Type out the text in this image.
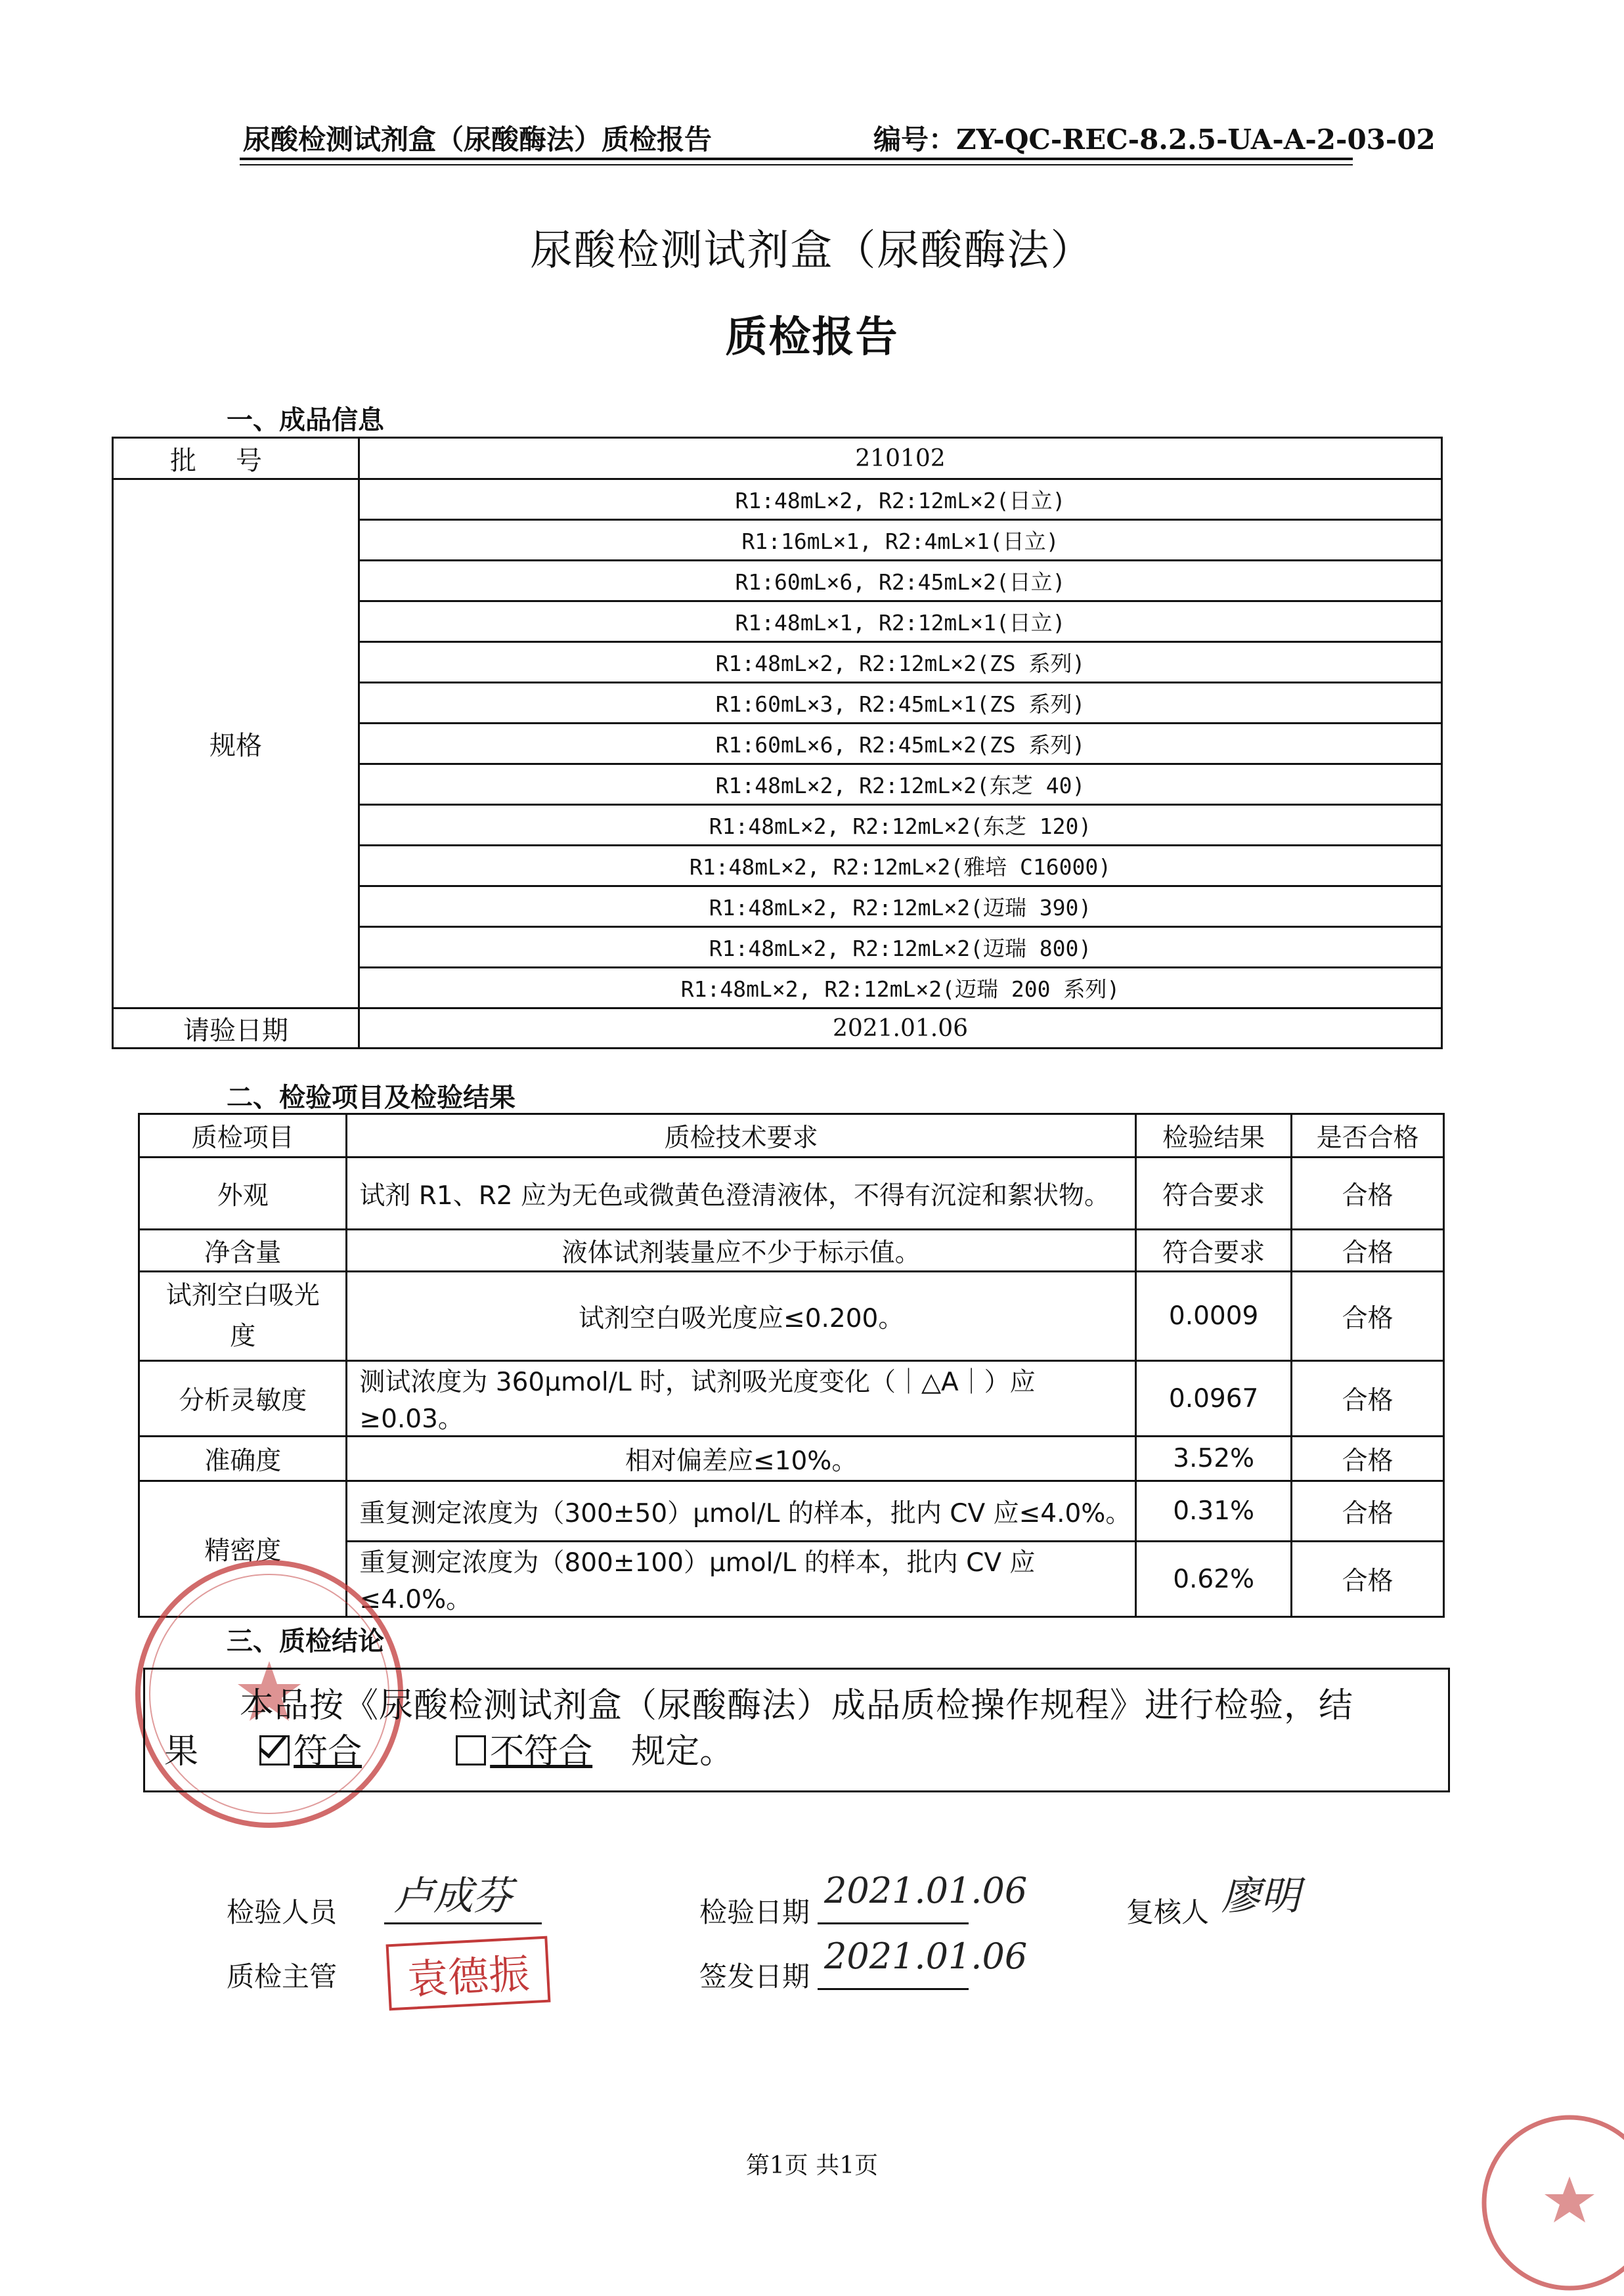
尿酸检测试剂盒（尿酸酶法）质检报告	编号：ZY-QC-REC-8.2.5-UA-A-2-03-02
尿酸检测试剂盒（尿酸酶法）
质检报告
一、成品信息
批号	210102
规格	R1:48mL×2, R2:12mL×2(日立)
	R1:16mL×1, R2:4mL×1(日立)
	R1:60mL×6, R2:45mL×2(日立)
	R1:48mL×1, R2:12mL×1(日立)
	R1:48mL×2, R2:12mL×2(ZS 系列)
	R1:60mL×3, R2:45mL×1(ZS 系列)
	R1:60mL×6, R2:45mL×2(ZS 系列)
	R1:48mL×2, R2:12mL×2(东芝 40)
	R1:48mL×2, R2:12mL×2(东芝 120)
	R1:48mL×2, R2:12mL×2(雅培 C16000)
	R1:48mL×2, R2:12mL×2(迈瑞 390)
	R1:48mL×2, R2:12mL×2(迈瑞 800)
	R1:48mL×2, R2:12mL×2(迈瑞 200 系列)
请验日期	2021.01.06
二、检验项目及检验结果
质检项目	质检技术要求	检验结果	是否合格
外观	试剂 R1、R2 应为无色或微黄色澄清液体，不得有沉淀和絮状物。	符合要求	合格
净含量	液体试剂装量应不少于标示值。	符合要求	合格
试剂空白吸光度	试剂空白吸光度应≤0.200。	0.0009	合格
分析灵敏度	测试浓度为 360μmol/L 时，试剂吸光度变化（｜△A｜）应≥0.03。	0.0967	合格
准确度	相对偏差应≤10%。	3.52%	合格
精密度	重复测定浓度为（300±50）μmol/L 的样本，批内 CV 应≤4.0%。	0.31%	合格
	重复测定浓度为（800±100）μmol/L 的样本，批内 CV 应≤4.0%。	0.62%	合格
三、质检结论
本品按《尿酸检测试剂盒（尿酸酶法）成品质检操作规程》进行检验，结
果	符合	不符合 规定。
检验人员 卢成芬	检验日期
2021.01.06
复核人 廖明
质检主管	袁德振	签发日期 2021.01.06
第1页 共1页
